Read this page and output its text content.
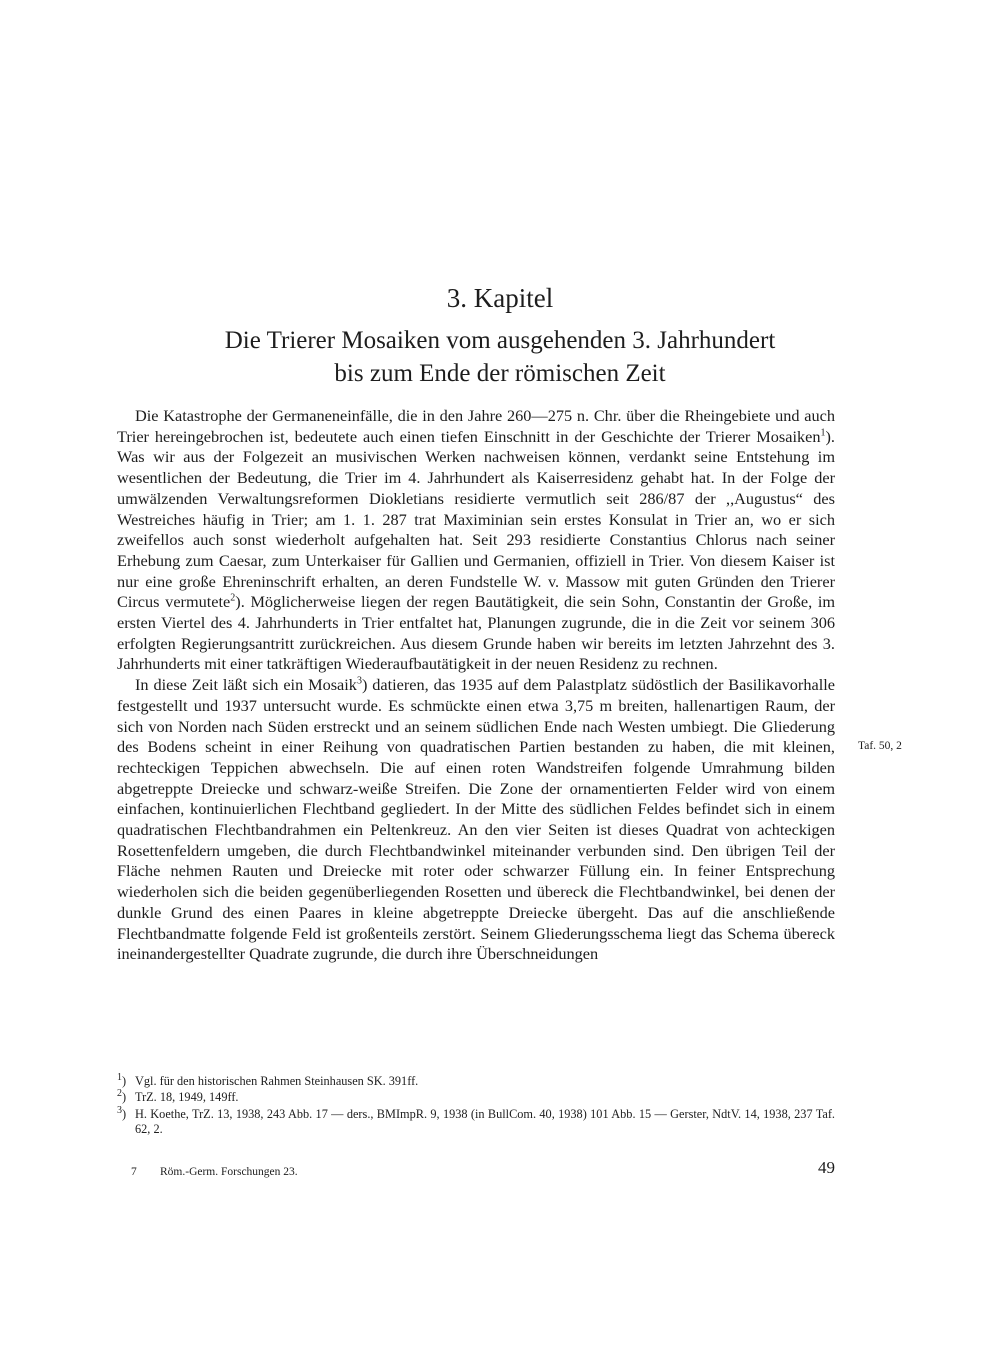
3. Kapitel
Die Trierer Mosaiken vom ausgehenden 3. Jahrhundert
bis zum Ende der römischen Zeit

Die Katastrophe der Germaneneinfälle, die in den Jahre 260—275 n. Chr. über die Rheingebiete und auch Trier hereingebrochen ist, bedeutete auch einen tiefen Einschnitt in der Geschichte der Trierer Mosaiken$^1$). Was wir aus der Folgezeit an musivischen Werken nachweisen können, verdankt seine Entstehung im wesentlichen der Bedeutung, die Trier im 4. Jahrhundert als Kaiserresidenz gehabt hat. In der Folge der umwälzenden Verwaltungsreformen Diokletians residierte vermutlich seit 286/87 der ,,Augustus“ des Westreiches häufig in Trier; am 1. 1. 287 trat Maximinian sein erstes Konsulat in Trier an, wo er sich zweifellos auch sonst wiederholt aufgehalten hat. Seit 293 residierte Constantius Chlorus nach seiner Erhebung zum Caesar, zum Unterkaiser für Gallien und Germanien, offiziell in Trier. Von diesem Kaiser ist nur eine große Ehreninschrift erhalten, an deren Fundstelle W. v. Massow mit guten Gründen den Trierer Circus vermutete$^2$). Möglicherweise liegen der regen Bautätigkeit, die sein Sohn, Constantin der Große, im ersten Viertel des 4. Jahrhunderts in Trier entfaltet hat, Planungen zugrunde, die in die Zeit vor seinem 306 erfolgten Regierungsantritt zurückreichen. Aus diesem Grunde haben wir bereits im letzten Jahrzehnt des 3. Jahrhunderts mit einer tatkräftigen Wiederaufbautätigkeit in der neuen Residenz zu rechnen.

In diese Zeit läßt sich ein Mosaik$^3$) datieren, das 1935 auf dem Palastplatz südöstlich der Basilikavorhalle festgestellt und 1937 untersucht wurde. Es schmückte einen etwa 3,75 m breiten, hallenartigen Raum, der sich von Norden nach Süden erstreckt und an seinem südlichen Ende nach Westen umbiegt. Die Gliederung des Bodens scheint in einer Reihung von quadratischen Partien bestanden zu haben, die mit kleinen, rechteckigen Teppichen abwechseln. Die auf einen roten Wandstreifen folgende Umrahmung bilden abgetreppte Dreiecke und schwarz-weiße Streifen. Die Zone der ornamentierten Felder wird von einem einfachen, kontinuierlichen Flechtband gegliedert. In der Mitte des südlichen Feldes befindet sich in einem quadratischen Flechtbandrahmen ein Peltenkreuz. An den vier Seiten ist dieses Quadrat von achteckigen Rosettenfeldern umgeben, die durch Flechtbandwinkel miteinander verbunden sind. Den übrigen Teil der Fläche nehmen Rauten und Dreiecke mit roter oder schwarzer Füllung ein. In feiner Entsprechung wiederholen sich die beiden gegenüberliegenden Rosetten und übereck die Flechtbandwinkel, bei denen der dunkle Grund des einen Paares in kleine abgetreppte Dreiecke übergeht. Das auf die anschließende Flechtbandmatte folgende Feld ist großenteils zerstört. Seinem Gliederungsschema liegt das Schema übereck ineinandergestellter Quadrate zugrunde, die durch ihre Überschneidungen

Taf. 50, 2

$^1$) Vgl. für den historischen Rahmen Steinhausen SK. 391ff.

$^2$) TrZ. 18, 1949, 149ff.

$^3$) H. Koethe, TrZ. 13, 1938, 243 Abb. 17 — ders., BMImpR. 9, 1938 (in BullCom. 40, 1938) 101 Abb. 15 — Gerster, NdtV. 14, 1938, 237 Taf. 62, 2.

7 Röm.-Germ. Forschungen 23.	49
